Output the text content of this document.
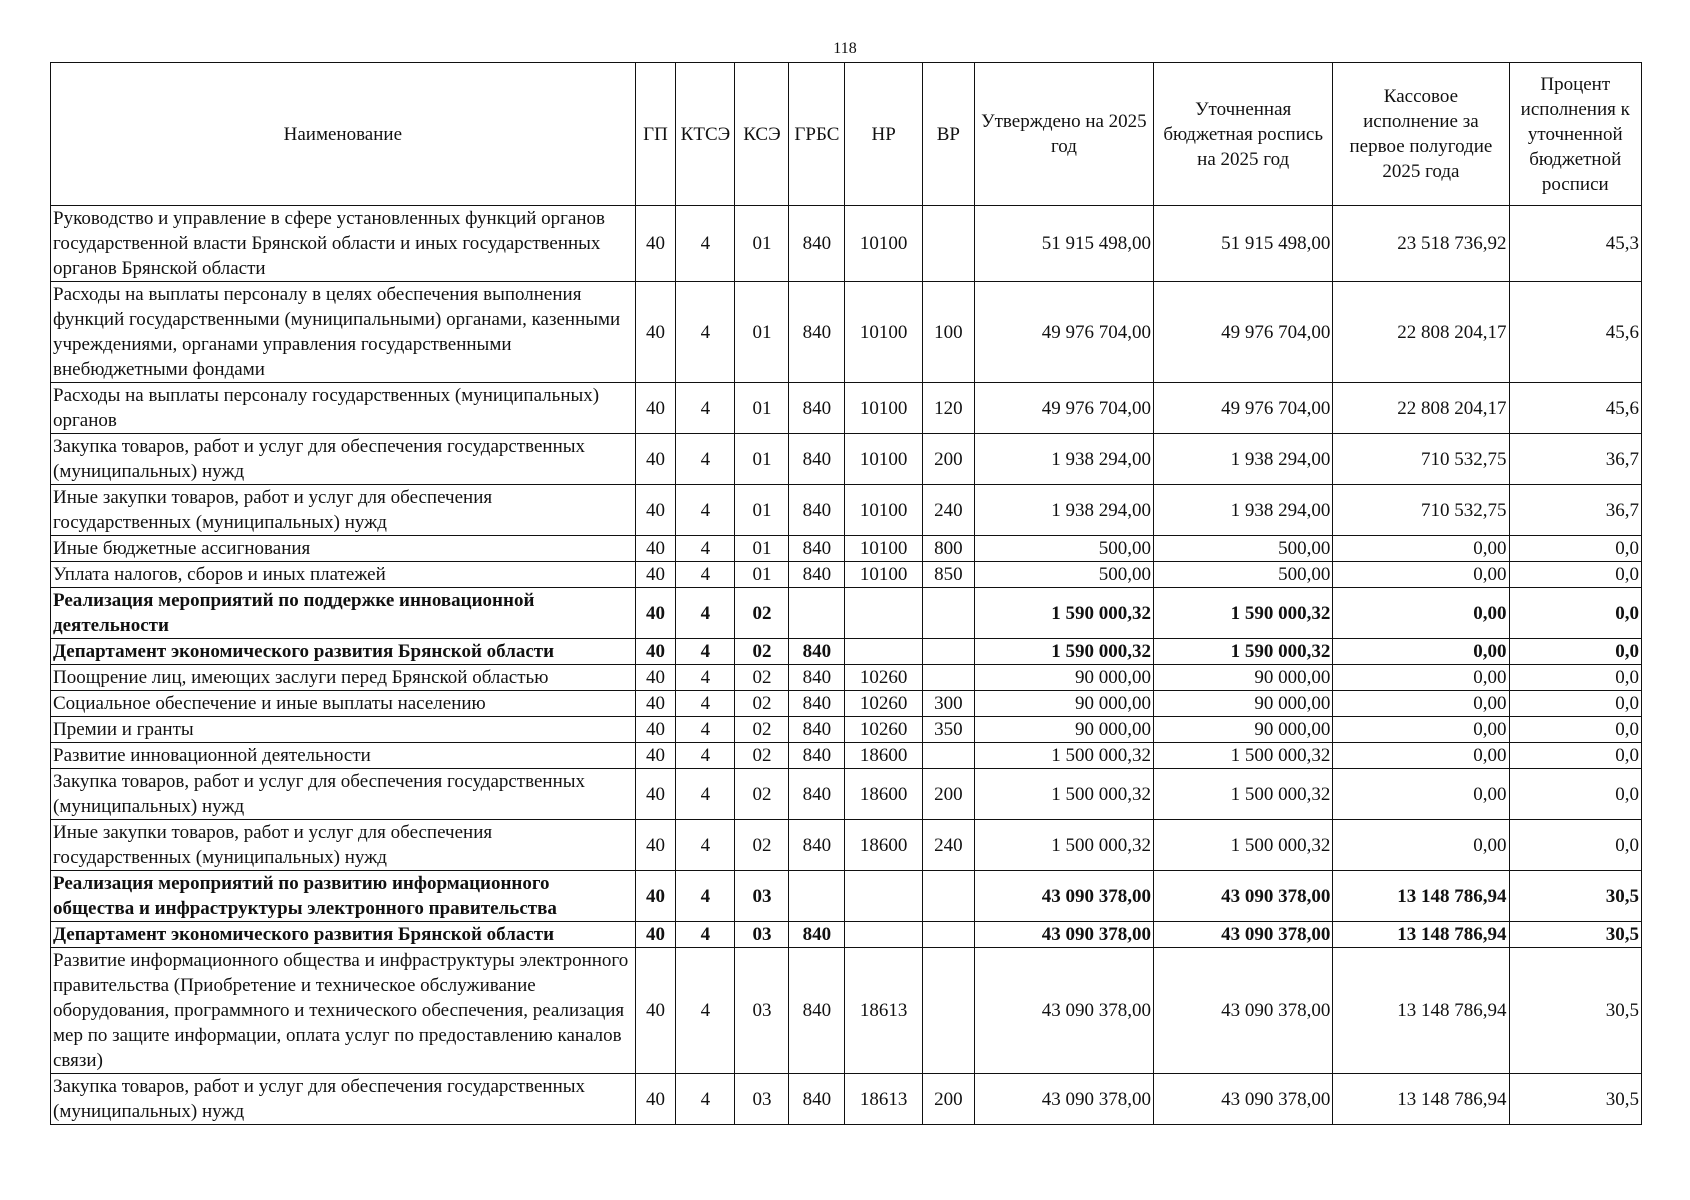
118
Наименование	ГП	КТСЭ	КСЭ	ГРБС	НР	ВР	Утверждено на 2025 год	Уточненная бюджетная роспись на 2025 год	Кассовое исполнение за первое полугодие 2025 года	Процент исполнения к уточненной бюджетной росписи
Руководство и управление в сфере установленных функций органов государственной власти Брянской области и иных государственных органов Брянской области	40	4	01	840	10100		51 915 498,00	51 915 498,00	23 518 736,92	45,3
Расходы на выплаты персоналу в целях обеспечения выполнения функций государственными (муниципальными) органами, казенными учреждениями, органами управления государственными внебюджетными фондами	40	4	01	840	10100	100	49 976 704,00	49 976 704,00	22 808 204,17	45,6
Расходы на выплаты персоналу государственных (муниципальных) органов	40	4	01	840	10100	120	49 976 704,00	49 976 704,00	22 808 204,17	45,6
Закупка товаров, работ и услуг для обеспечения государственных (муниципальных) нужд	40	4	01	840	10100	200	1 938 294,00	1 938 294,00	710 532,75	36,7
Иные закупки товаров, работ и услуг для обеспечения государственных (муниципальных) нужд	40	4	01	840	10100	240	1 938 294,00	1 938 294,00	710 532,75	36,7
Иные бюджетные ассигнования	40	4	01	840	10100	800	500,00	500,00	0,00	0,0
Уплата налогов, сборов и иных платежей	40	4	01	840	10100	850	500,00	500,00	0,00	0,0
Реализация мероприятий по поддержке инновационной деятельности	40	4	02				1 590 000,32	1 590 000,32	0,00	0,0
Департамент экономического развития Брянской области	40	4	02	840			1 590 000,32	1 590 000,32	0,00	0,0
Поощрение лиц, имеющих заслуги перед Брянской областью	40	4	02	840	10260		90 000,00	90 000,00	0,00	0,0
Социальное обеспечение и иные выплаты населению	40	4	02	840	10260	300	90 000,00	90 000,00	0,00	0,0
Премии и гранты	40	4	02	840	10260	350	90 000,00	90 000,00	0,00	0,0
Развитие инновационной деятельности	40	4	02	840	18600		1 500 000,32	1 500 000,32	0,00	0,0
Закупка товаров, работ и услуг для обеспечения государственных (муниципальных) нужд	40	4	02	840	18600	200	1 500 000,32	1 500 000,32	0,00	0,0
Иные закупки товаров, работ и услуг для обеспечения государственных (муниципальных) нужд	40	4	02	840	18600	240	1 500 000,32	1 500 000,32	0,00	0,0
Реализация мероприятий по развитию информационного общества и инфраструктуры электронного правительства	40	4	03				43 090 378,00	43 090 378,00	13 148 786,94	30,5
Департамент экономического развития Брянской области	40	4	03	840			43 090 378,00	43 090 378,00	13 148 786,94	30,5
Развитие информационного общества и инфраструктуры электронного правительства (Приобретение и техническое обслуживание оборудования, программного и технического обеспечения, реализация мер по защите информации, оплата услуг по предоставлению каналов связи)	40	4	03	840	18613		43 090 378,00	43 090 378,00	13 148 786,94	30,5
Закупка товаров, работ и услуг для обеспечения государственных (муниципальных) нужд	40	4	03	840	18613	200	43 090 378,00	43 090 378,00	13 148 786,94	30,5
